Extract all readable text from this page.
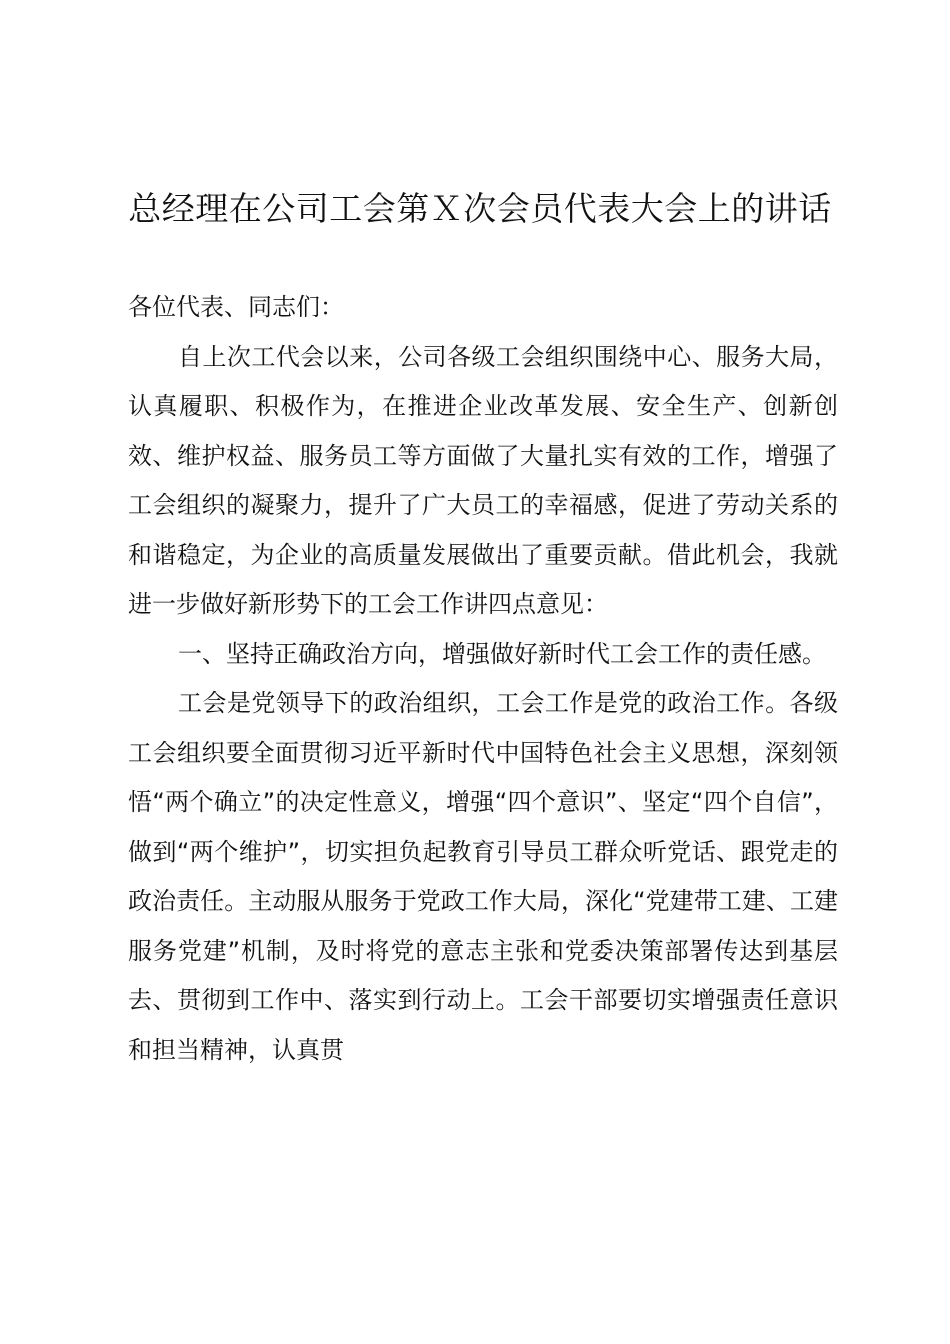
总经理在公司工会第Ｘ次会员代表大会上的讲话

各位代表、同志们：

自上次工代会以来，公司各级工会组织围绕中心、服务大局，认真履职、积极作为，在推进企业改革发展、安全生产、创新创效、维护权益、服务员工等方面做了大量扎实有效的工作，增强了工会组织的凝聚力，提升了广大员工的幸福感，促进了劳动关系的和谐稳定，为企业的高质量发展做出了重要贡献。借此机会，我就进一步做好新形势下的工会工作讲四点意见：

一、坚持正确政治方向，增强做好新时代工会工作的责任感。

工会是党领导下的政治组织，工会工作是党的政治工作。各级工会组织要全面贯彻习近平新时代中国特色社会主义思想，深刻领悟“两个确立”的决定性意义，增强“四个意识”、坚定“四个自信”，做到“两个维护”，切实担负起教育引导员工群众听党话、跟党走的政治责任。主动服从服务于党政工作大局，深化“党建带工建、工建服务党建”机制，及时将党的意志主张和党委决策部署传达到基层去、贯彻到工作中、落实到行动上。工会干部要切实增强责任意识和担当精神，认真贯
